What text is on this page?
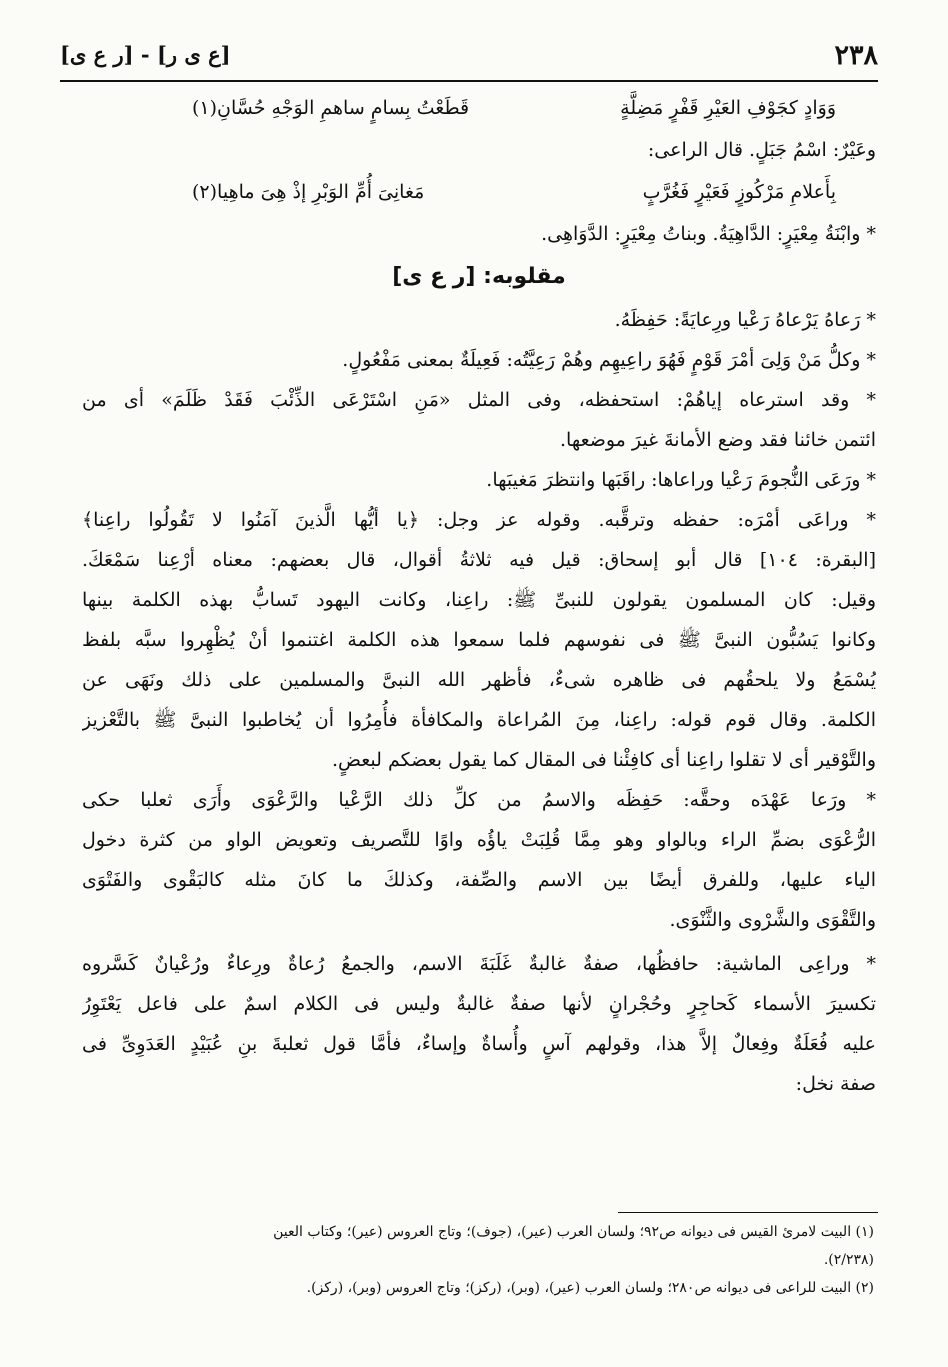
٢٣٨
[ع ى ر] - [ر ع ى]
وَوَادٍ كجَوْفِ العَيْرِ قَفْرٍ مَضِلَّةٍ
قَطَعْتُ بِسامٍ ساهمِ الوَجْهِ حُسَّانِ(١)
وعَيْرٌ: اسْمُ جَبَلٍ. قال الراعى:
بِأَعلامِ مَرْكُوزٍ فَعَيْرٍ فَغُرَّبٍ
مَغانِىَ أُمِّ الوَبْرِ إذْ هِىَ ماهِيا(٢)
* وابْنَةُ مِعْيَرٍ: الدَّاهِيَةُ. وبناتُ مِعْيَرٍ: الدَّوَاهِى.
مقلوبه: [ر ع ى]
* رَعاهُ يَرْعاهُ رَعْيا ورِعايَةً: حَفِظَهُ.
* وكلُّ مَنْ وَلِىَ أمْرَ قَوْمٍ فَهُوَ راعِيهِم وهُمْ رَعِيَّتُه: فَعِيلَةٌ بمعنى مَفْعُولٍ.
* وقد استرعاه إياهُمْ: استحفظه، وفى المثل «مَنِ اسْتَرْعَى الذِّئْبَ فَقَدْ ظَلَمَ» أى من
ائتمن خائنا فقد وضع الأمانةَ غيرَ موضعها.
* ورَعَى النُّجومَ رَعْيا وراعاها: راقَبَها وانتظرَ مَغيبَها.
* وراعَى أمْرَه: حفظه وترقَّبه. وقوله عز وجل: ﴿يا أيُّها الَّذينَ آمَنُوا لا تَقُولُوا راعِنا﴾
[البقرة: ١٠٤] قال أبو إسحاق: قيل فيه ثلاثةُ أقوال، قال بعضهم: معناه أرْعِنا سَمْعَكَ.
وقيل: كان المسلمون يقولون للنبىِّ ﷺ: راعِنا، وكانت اليهود تَسابُّ بهذه الكلمة بينها
وكانوا يَسُبُّون النبىَّ ﷺ فى نفوسهم فلما سمعوا هذه الكلمة اغتنموا أنْ يُظْهِروا سبَّه بلفظ
يُسْمَعُ ولا يلحقُهم فى ظاهره شىءٌ، فأظهر الله النبىَّ والمسلمين على ذلك ونَهَى عن
الكلمة. وقال قوم قوله: راعِنا، مِنَ المُراعاة والمكافأة فأُمِرُوا أن يُخاطبوا النبىَّ ﷺ بالتَّعْزيز
والتَّوْقير أى لا تقلوا راعِنا أى كافِئْنا فى المقال كما يقول بعضكم لبعضٍ.
* ورَعا عَهْدَه وحقَّه: حَفِظَه والاسمُ من كلِّ ذلك الرَّعْيا والرَّعْوَى وأَرَى ثعلبا حكى
الرُّعْوَى بضمِّ الراء وبالواو وهو مِمَّا قُلِبَتْ ياؤُه واوًا للتَّصريف وتعويض الواو من كثرة دخول
الياء عليها، وللفرق أيضًا بين الاسم والصِّفة، وكذلكَ ما كانَ مثله كالبَقْوى والفَتْوَى
والتَّقْوَى والشَّرْوى والثَّنْوَى.
* وراعِى الماشية: حافظُها، صفةٌ غالبةٌ غَلَبَةَ الاسم، والجمعُ رُعاةٌ ورِعاءٌ ورُعْيانٌ كَسَّروه
تكسيرَ الأسماء كَحاجِرٍ وحُجْرانٍ لأنها صفةٌ غالبةٌ وليس فى الكلام اسمٌ على فاعل يَعْتَوِرُ
عليه فُعَلَةٌ وفِعالٌ إلاَّ هذا، وقولهم آسٍ وأُساةٌ وإساءٌ، فأمَّا قول ثعلبةَ بنِ عُبَيْدٍ العَدَوِىِّ فى
صفة نخل:
(١) البيت لامرئ القيس فى ديوانه ص٩٢؛ ولسان العرب (عير)، (جوف)؛ وتاج العروس (عير)؛ وكتاب العين
(٢/٢٣٨).
(٢) البيت للراعى فى ديوانه ص٢٨٠؛ ولسان العرب (عير)، (وبر)، (ركز)؛ وتاج العروس (وبر)، (ركز).
